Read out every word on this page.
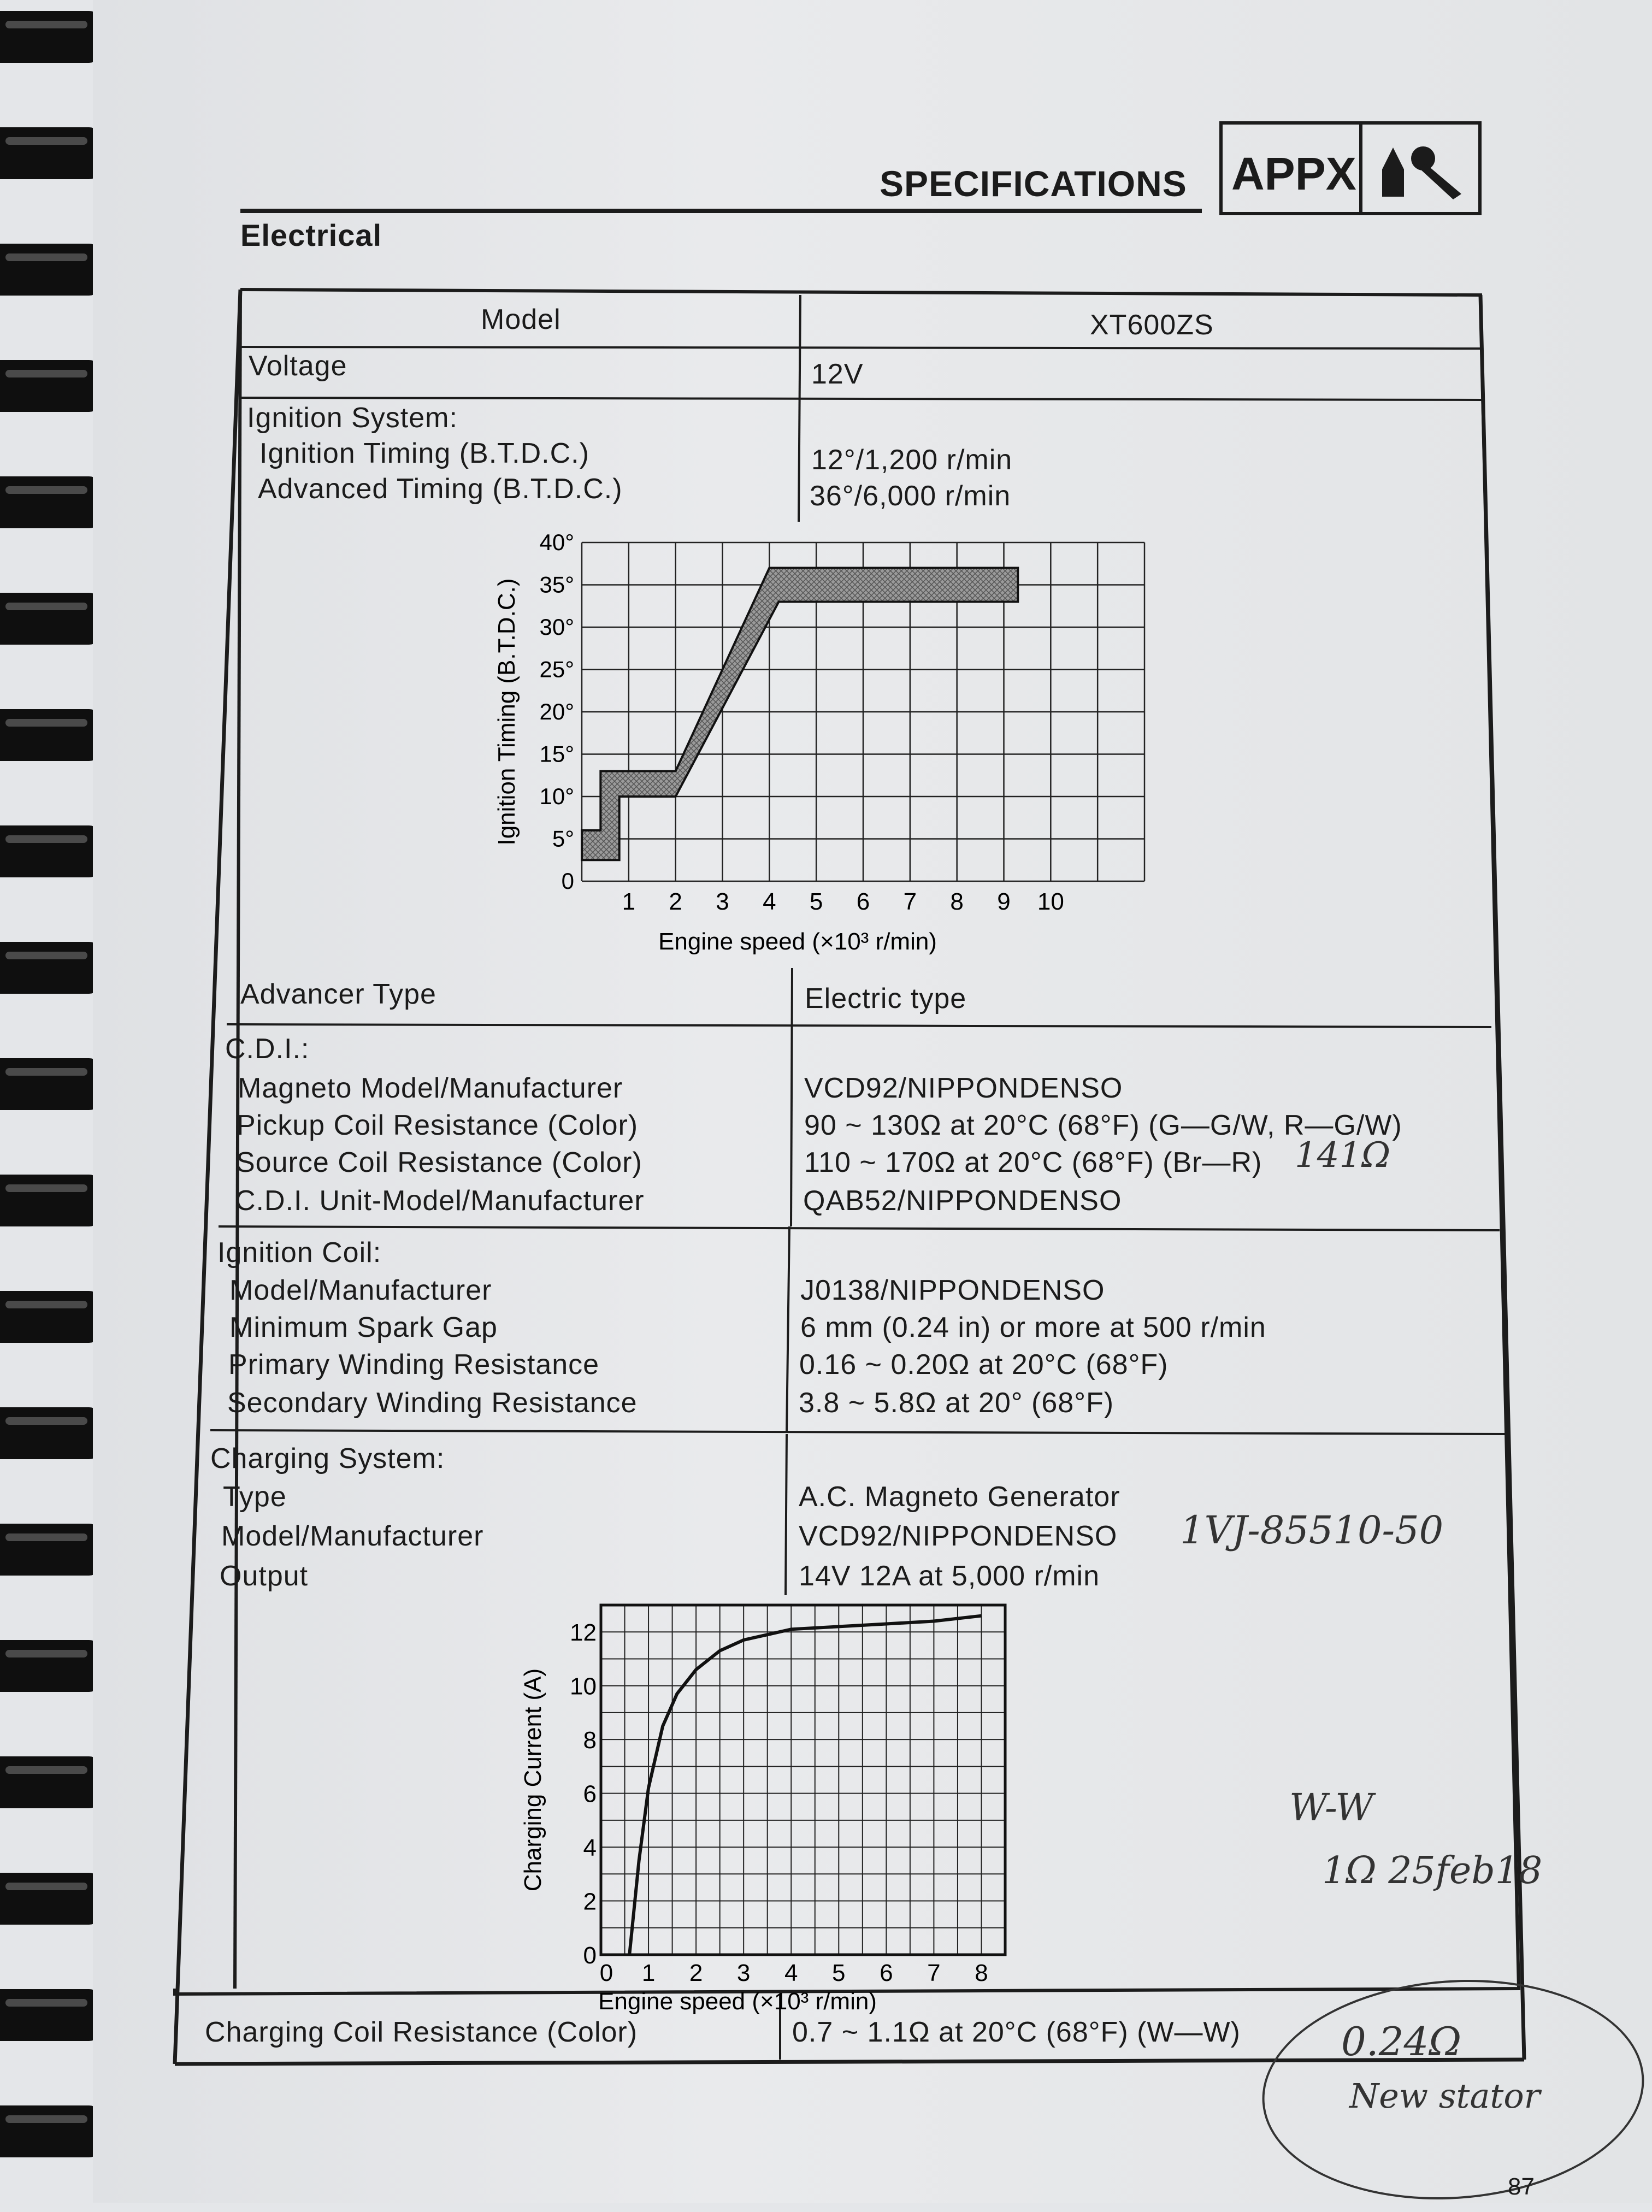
SPECIFICATIONS APPX
Electrical
Model	XT600ZS
Voltage	12V
Ignition System:
Ignition Timing (B.T.D.C.)	12°/1,200 r/min
Advanced Timing (B.T.D.C.)	36°/6,000 r/min
1 2 3 4 5 6 7 8 9 10
0
5°
10°
15°
20°
25°
30°
35°
40°
Engine speed (×10³ r/min)
Ignition Timing (B.T.D.C.)
Advancer Type	Electric type
C.D.I.:
Magneto Model/Manufacturer	VCD92/NIPPONDENSO
Pickup Coil Resistance (Color)	90 ~ 130Ω at 20°C (68°F) (G—G/W, R—G/W)
Source Coil Resistance (Color)	110 ~ 170Ω at 20°C (68°F) (Br—R) 141Ω
C.D.I. Unit-Model/Manufacturer	QAB52/NIPPONDENSO
Ignition Coil:
Model/Manufacturer	J0138/NIPPONDENSO
Minimum Spark Gap	6 mm (0.24 in) or more at 500 r/min
Primary Winding Resistance	0.16 ~ 0.20Ω at 20°C (68°F)
Secondary Winding Resistance	3.8 ~ 5.8Ω at 20° (68°F)
Charging System:
Type	A.C. Magneto Generator
Model/Manufacturer	VCD92/NIPPONDENSO 1VJ-85510-50
Output	14V 12A at 5,000 r/min
0 1 2 3 4 5 6 7 8
0
2
4
6
8
10
12
Engine speed (×10³ r/min)
Charging Current (A)	W-W
1Ω 25feb18
Charging Coil Resistance (Color)	0.7 ~ 1.1Ω at 20°C (68°F) (W—W)	0.24Ω
New stator
87
